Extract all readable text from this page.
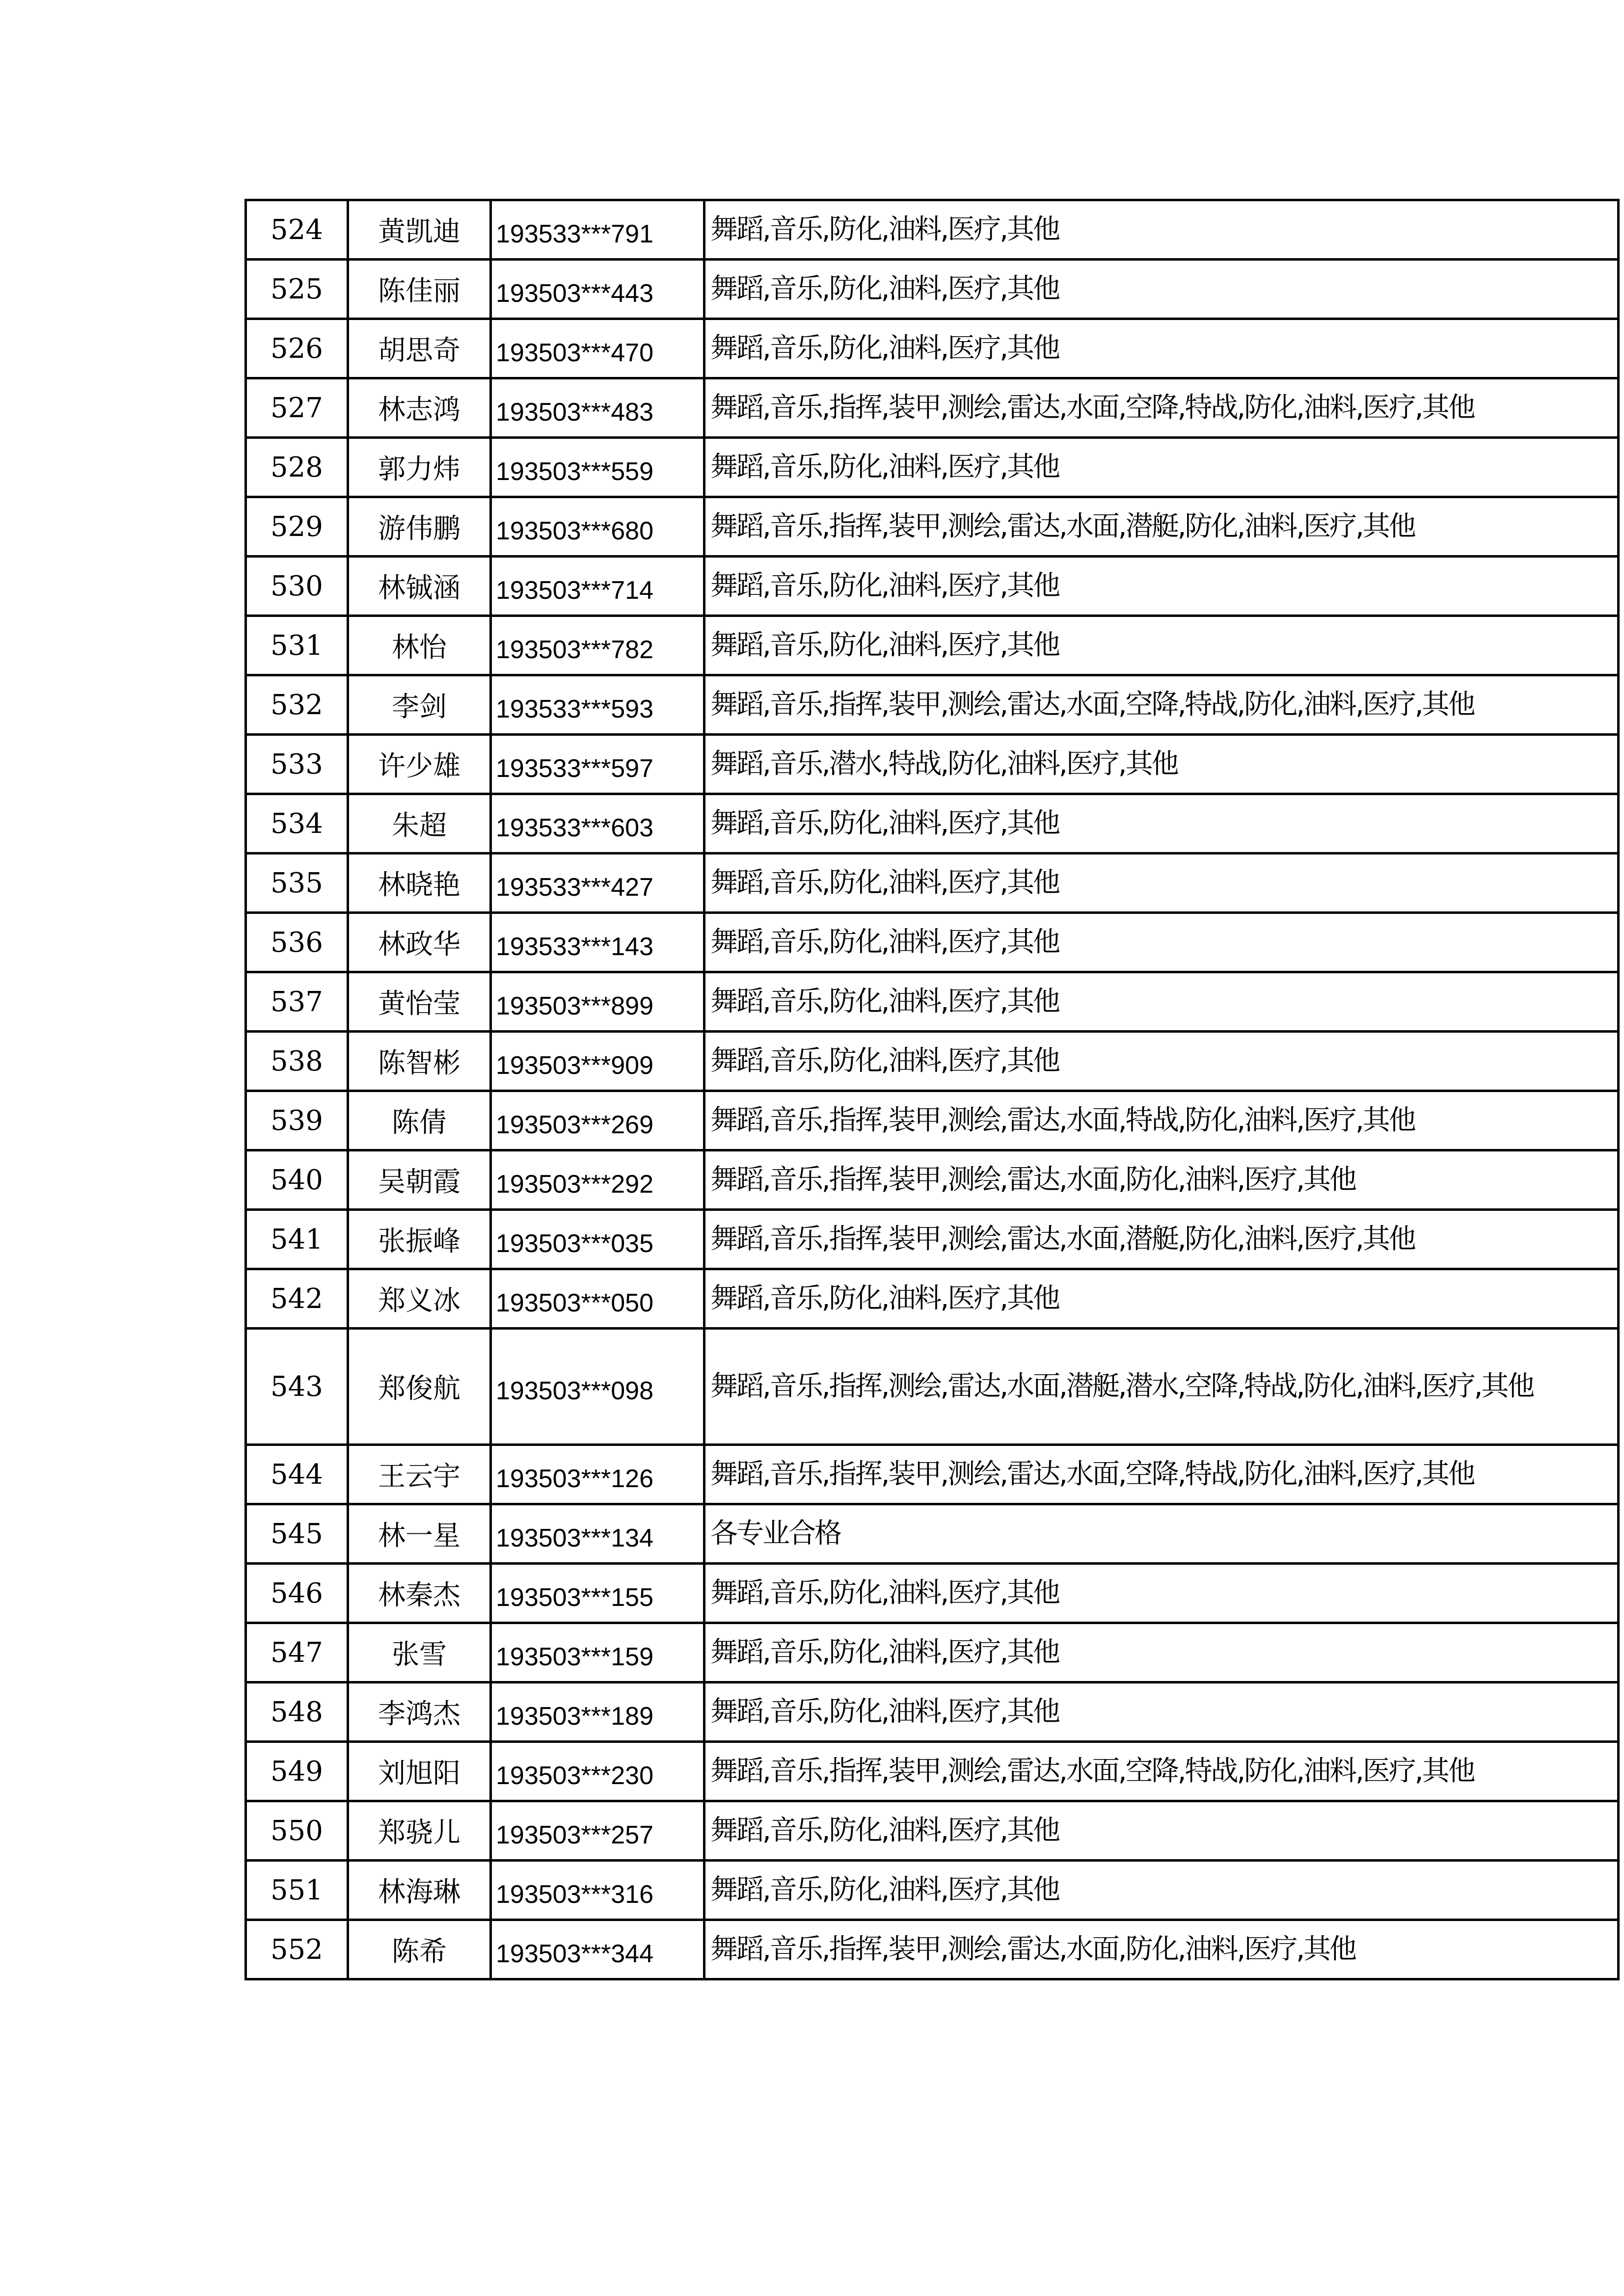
524	黄凯迪	193533***791	舞蹈,音乐,防化,油料,医疗,其他
525	陈佳丽	193503***443	舞蹈,音乐,防化,油料,医疗,其他
526	胡思奇	193503***470	舞蹈,音乐,防化,油料,医疗,其他
527	林志鸿	193503***483	舞蹈,音乐,指挥,装甲,测绘,雷达,水面,空降,特战,防化,油料,医疗,其他
528	郭力炜	193503***559	舞蹈,音乐,防化,油料,医疗,其他
529	游伟鹏	193503***680	舞蹈,音乐,指挥,装甲,测绘,雷达,水面,潜艇,防化,油料,医疗,其他
530	林铖涵	193503***714	舞蹈,音乐,防化,油料,医疗,其他
531	林怡	193503***782	舞蹈,音乐,防化,油料,医疗,其他
532	李剑	193533***593	舞蹈,音乐,指挥,装甲,测绘,雷达,水面,空降,特战,防化,油料,医疗,其他
533	许少雄	193533***597	舞蹈,音乐,潜水,特战,防化,油料,医疗,其他
534	朱超	193533***603	舞蹈,音乐,防化,油料,医疗,其他
535	林晓艳	193533***427	舞蹈,音乐,防化,油料,医疗,其他
536	林政华	193533***143	舞蹈,音乐,防化,油料,医疗,其他
537	黄怡莹	193503***899	舞蹈,音乐,防化,油料,医疗,其他
538	陈智彬	193503***909	舞蹈,音乐,防化,油料,医疗,其他
539	陈倩	193503***269	舞蹈,音乐,指挥,装甲,测绘,雷达,水面,特战,防化,油料,医疗,其他
540	吴朝霞	193503***292	舞蹈,音乐,指挥,装甲,测绘,雷达,水面,防化,油料,医疗,其他
541	张振峰	193503***035	舞蹈,音乐,指挥,装甲,测绘,雷达,水面,潜艇,防化,油料,医疗,其他
542	郑义冰	193503***050	舞蹈,音乐,防化,油料,医疗,其他
543	郑俊航	193503***098	舞蹈,音乐,指挥,测绘,雷达,水面,潜艇,潜水,空降,特战,防化,油料,医疗,其他
544	王云宇	193503***126	舞蹈,音乐,指挥,装甲,测绘,雷达,水面,空降,特战,防化,油料,医疗,其他
545	林一星	193503***134	各专业合格
546	林秦杰	193503***155	舞蹈,音乐,防化,油料,医疗,其他
547	张雪	193503***159	舞蹈,音乐,防化,油料,医疗,其他
548	李鸿杰	193503***189	舞蹈,音乐,防化,油料,医疗,其他
549	刘旭阳	193503***230	舞蹈,音乐,指挥,装甲,测绘,雷达,水面,空降,特战,防化,油料,医疗,其他
550	郑骁儿	193503***257	舞蹈,音乐,防化,油料,医疗,其他
551	林海琳	193503***316	舞蹈,音乐,防化,油料,医疗,其他
552	陈希	193503***344	舞蹈,音乐,指挥,装甲,测绘,雷达,水面,防化,油料,医疗,其他
